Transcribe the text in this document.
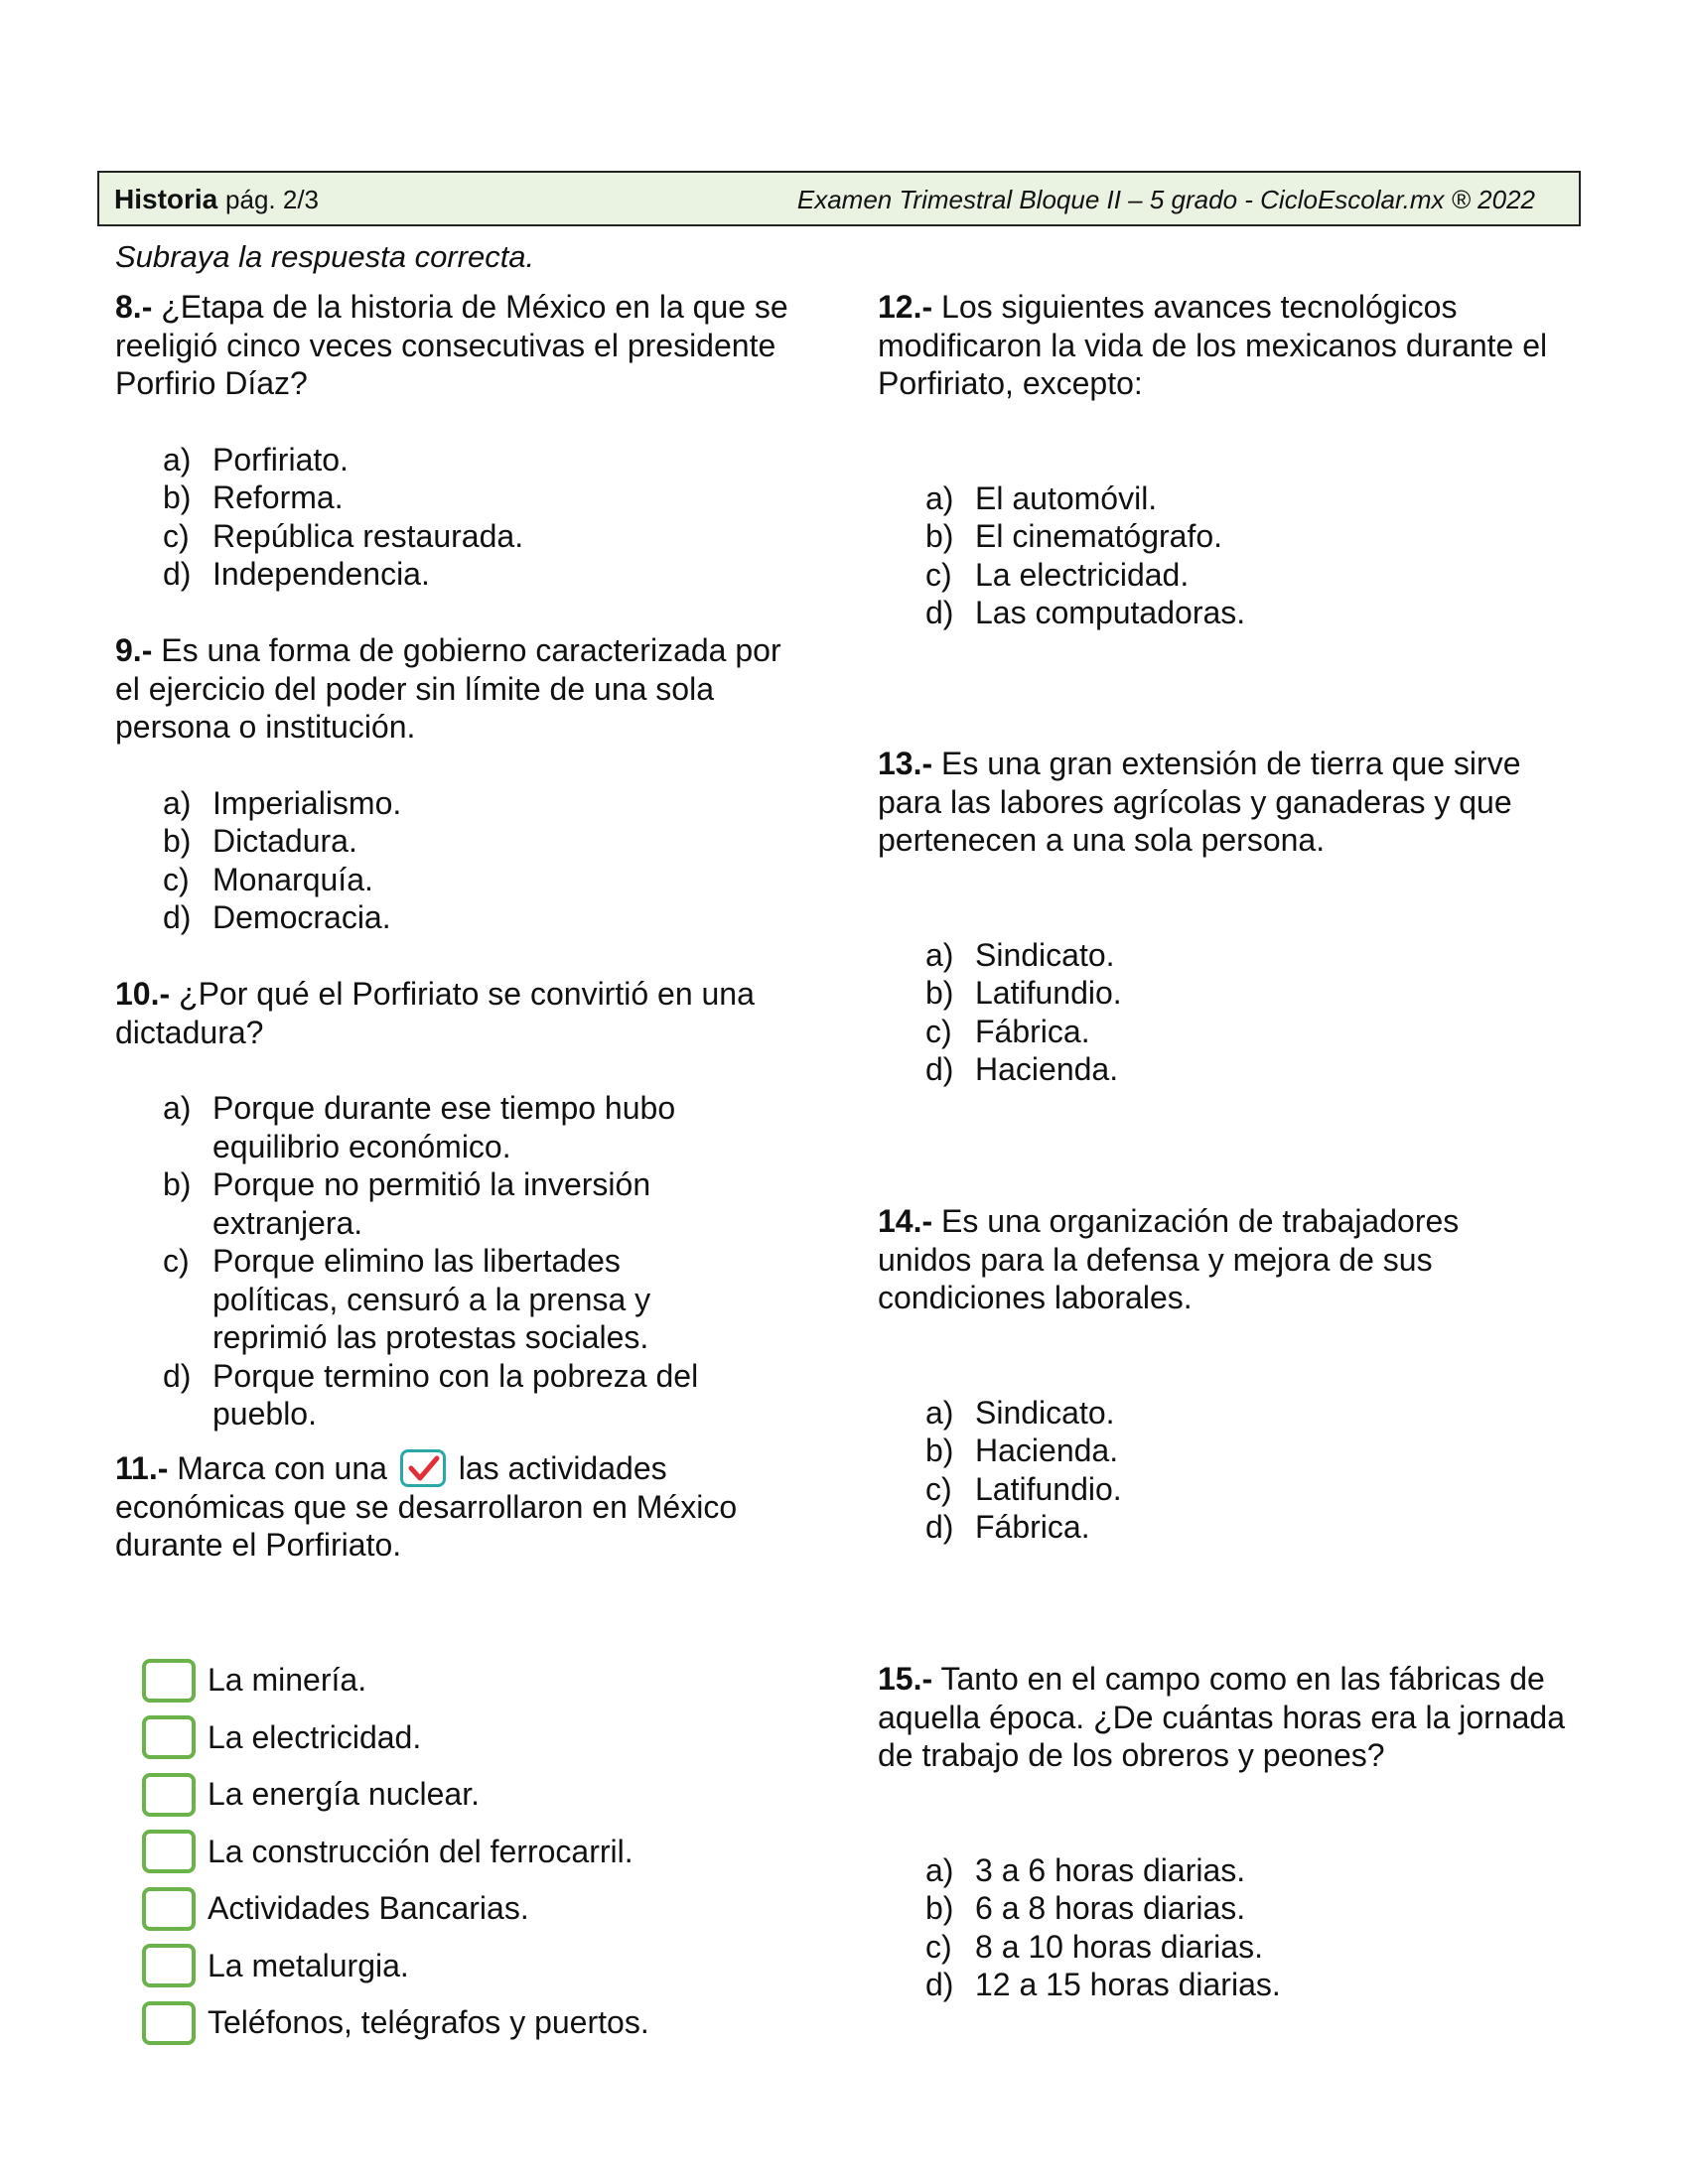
Historia pág. 2/3	Examen Trimestral Bloque II – 5 grado - CicloEscolar.mx ® 2022
Subraya la respuesta correcta.

8.- ¿Etapa de la historia de México en la que se reeligió cinco veces consecutivas el presidente Porfirio Díaz?

a) Porfiriato.
b) Reforma.
c) República restaurada.
d) Independencia.

9.- Es una forma de gobierno caracterizada por el ejercicio del poder sin límite de una sola persona o institución.

a) Imperialismo.
b) Dictadura.
c) Monarquía.
d) Democracia.

10.- ¿Por qué el Porfiriato se convirtió en una dictadura?

a) Porque durante ese tiempo hubo equilibrio económico.
b) Porque no permitió la inversión extranjera.
c) Porque elimino las libertades políticas, censuró a la prensa y reprimió las protestas sociales.
d) Porque termino con la pobreza del pueblo.

11.- Marca con una
las actividades económicas que se desarrollaron en México durante el Porfiriato.

La minería.
La electricidad.
La energía nuclear.
La construcción del ferrocarril.
Actividades Bancarias.
La metalurgia.
Teléfonos, telégrafos y puertos.

12.- Los siguientes avances tecnológicos modificaron la vida de los mexicanos durante el Porfiriato, excepto:

a) El automóvil.
b) El cinematógrafo.
c) La electricidad.
d) Las computadoras.

13.- Es una gran extensión de tierra que sirve para las labores agrícolas y ganaderas y que pertenecen a una sola persona.

a) Sindicato.
b) Latifundio.
c) Fábrica.
d) Hacienda.

14.- Es una organización de trabajadores unidos para la defensa y mejora de sus condiciones laborales.

a) Sindicato.
b) Hacienda.
c) Latifundio.
d) Fábrica.

15.- Tanto en el campo como en las fábricas de aquella época. ¿De cuántas horas era la jornada de trabajo de los obreros y peones?

a) 3 a 6 horas diarias.
b) 6 a 8 horas diarias.
c) 8 a 10 horas diarias.
d) 12 a 15 horas diarias.
